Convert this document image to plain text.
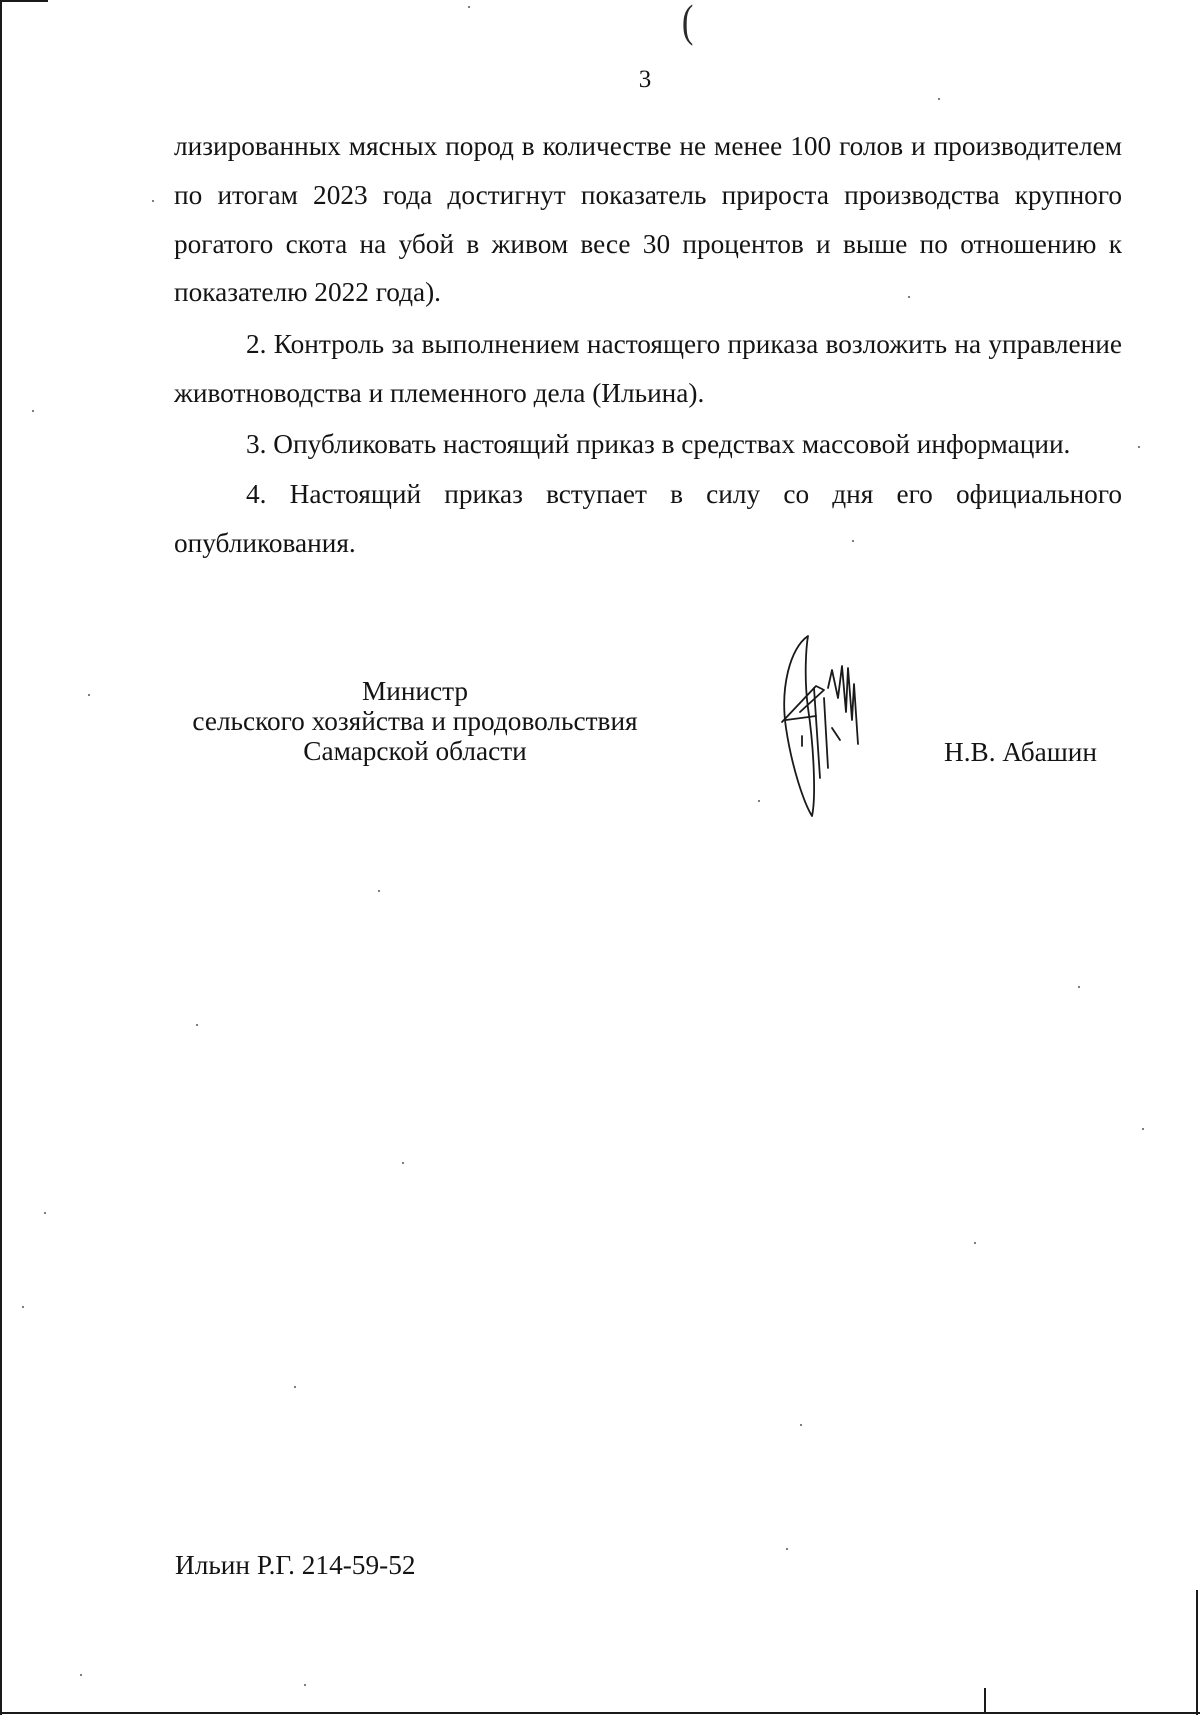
(
3
лизированных мясных пород в количестве не менее 100 голов и производителем по итогам 2023 года достигнут показатель прироста производства крупного рогатого скота на убой в живом весе 30 процентов и выше по отношению к показателю 2022 года).
2. Контроль за выполнением настоящего приказа возложить на управление животноводства и племенного дела (Ильина).
3. Опубликовать настоящий приказ в средствах массовой информации.
4. Настоящий приказ вступает в силу со дня его официального опубликования.
Министр
сельского хозяйства и продовольствия
Самарской области	Н.В. Абашин
Ильин Р.Г. 214-59-52
